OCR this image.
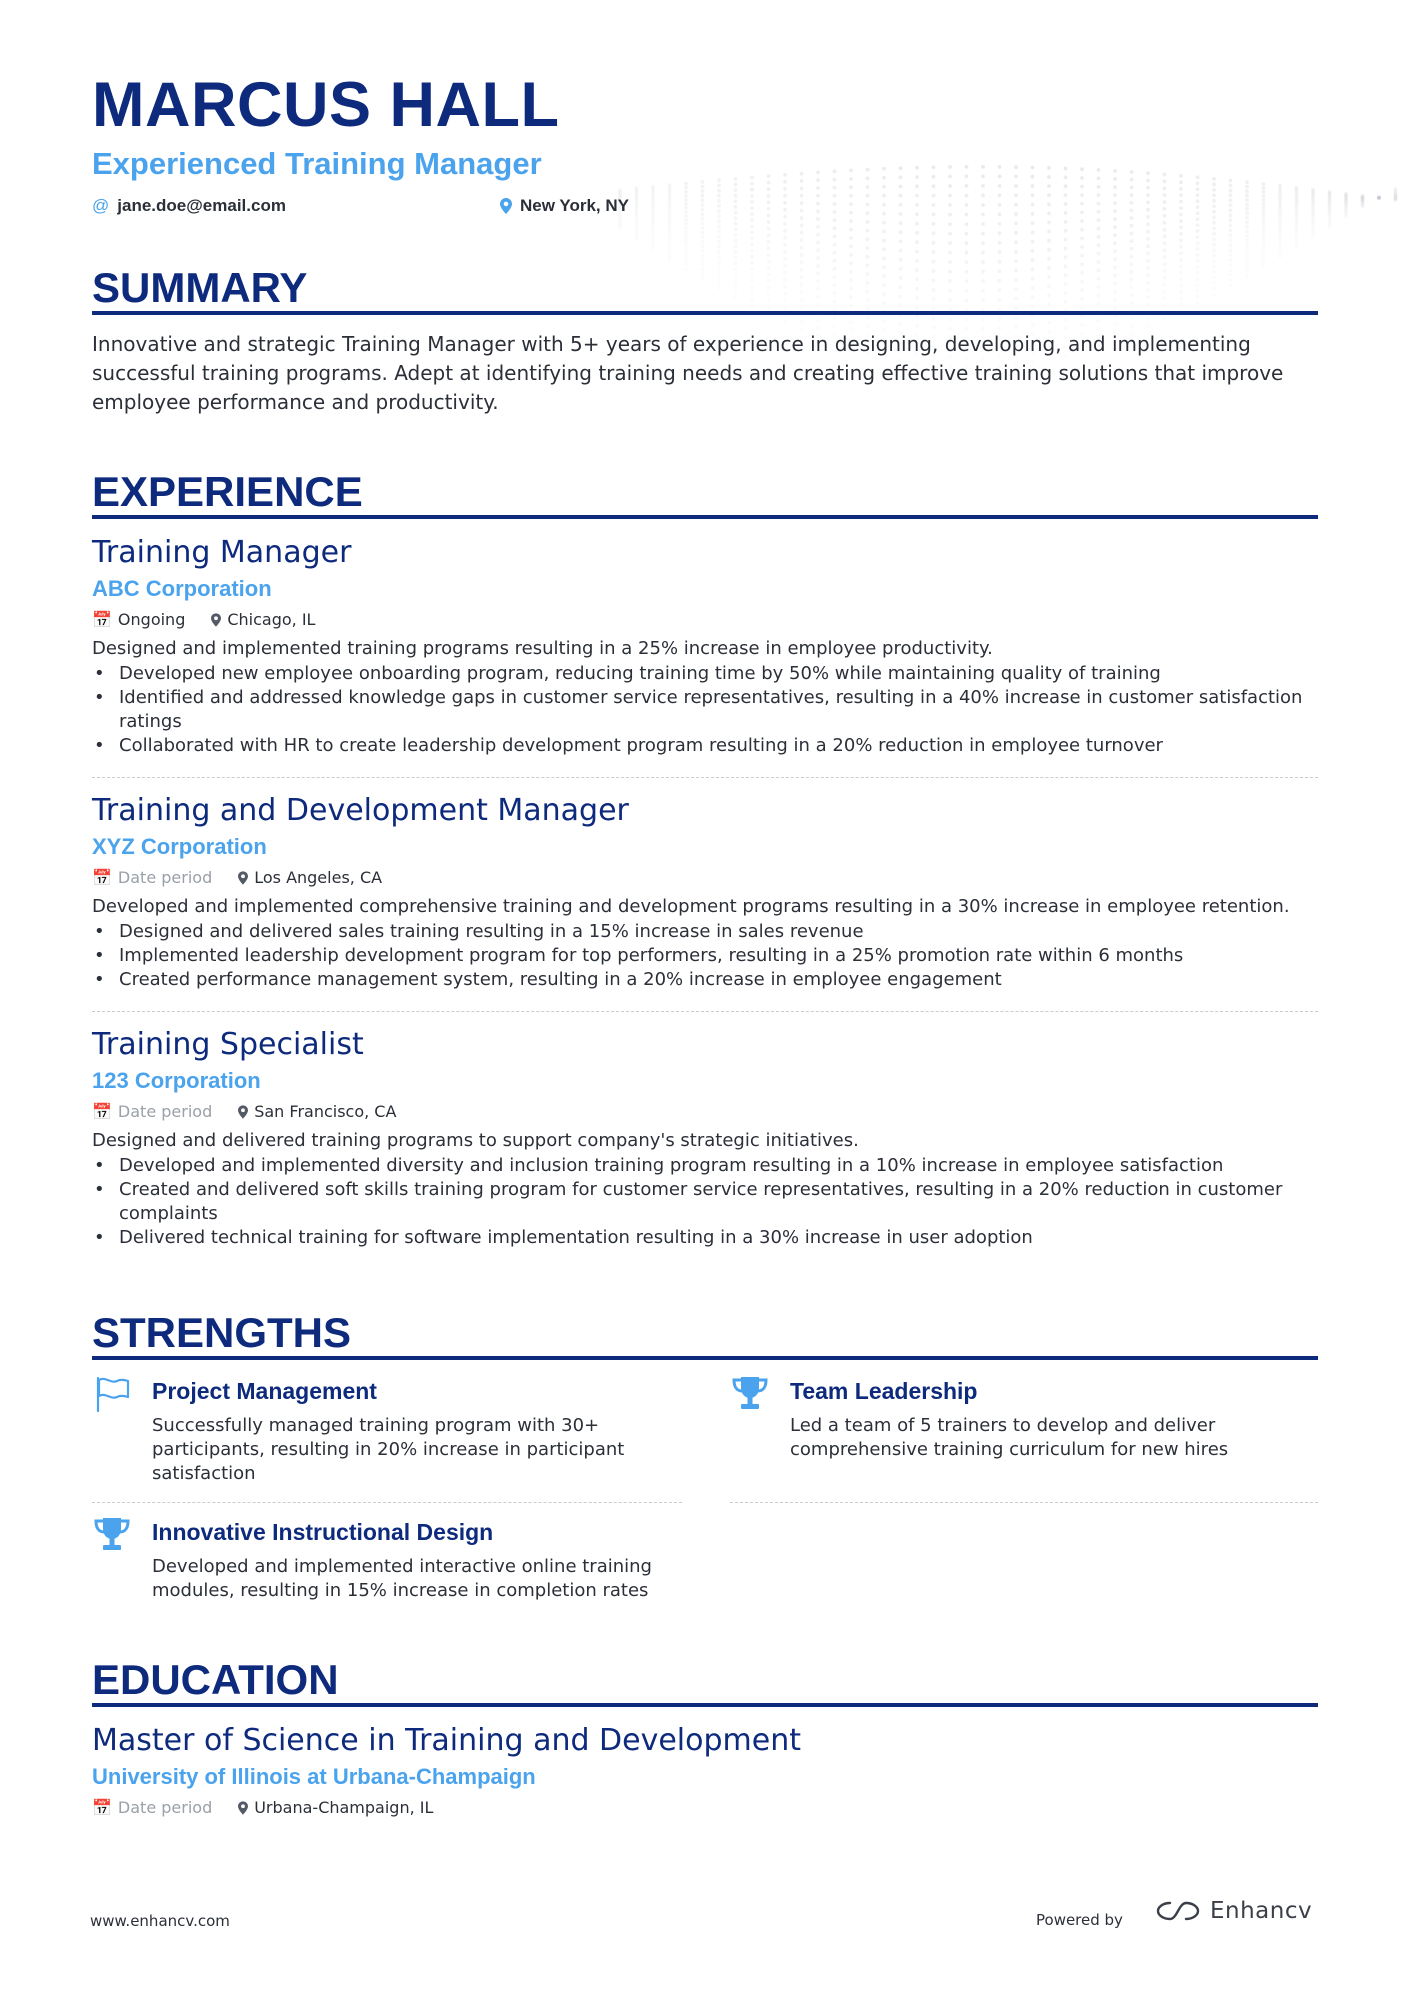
MARCUS HALL
Experienced Training Manager
@ jane.doe@email.com	New York, NY
SUMMARY
Innovative and strategic Training Manager with 5+ years of experience in designing, developing, and implementing successful training programs. Adept at identifying training needs and creating effective training solutions that improve employee performance and productivity.
EXPERIENCE
Training Manager
ABC Corporation
📅 Ongoing	Chicago, IL
Designed and implemented training programs resulting in a 25% increase in employee productivity.
• Developed new employee onboarding program, reducing training time by 50% while maintaining quality of training
• Identified and addressed knowledge gaps in customer service representatives, resulting in a 40% increase in customer satisfaction ratings
• Collaborated with HR to create leadership development program resulting in a 20% reduction in employee turnover
Training and Development Manager
XYZ Corporation
📅 Date period	Los Angeles, CA
Developed and implemented comprehensive training and development programs resulting in a 30% increase in employee retention.
• Designed and delivered sales training resulting in a 15% increase in sales revenue
• Implemented leadership development program for top performers, resulting in a 25% promotion rate within 6 months
• Created performance management system, resulting in a 20% increase in employee engagement
Training Specialist
123 Corporation
📅 Date period	San Francisco, CA
Designed and delivered training programs to support company's strategic initiatives.
• Developed and implemented diversity and inclusion training program resulting in a 10% increase in employee satisfaction
• Created and delivered soft skills training program for customer service representatives, resulting in a 20% reduction in customer complaints
• Delivered technical training for software implementation resulting in a 30% increase in user adoption
STRENGTHS
Project Management
Successfully managed training program with 30+ participants, resulting in 20% increase in participant satisfaction
Team Leadership
Led a team of 5 trainers to develop and deliver comprehensive training curriculum for new hires
Innovative Instructional Design
Developed and implemented interactive online training modules, resulting in 15% increase in completion rates
EDUCATION
Master of Science in Training and Development
University of Illinois at Urbana-Champaign
📅 Date period	Urbana-Champaign, IL
www.enhancv.com	Powered by	Enhancv
